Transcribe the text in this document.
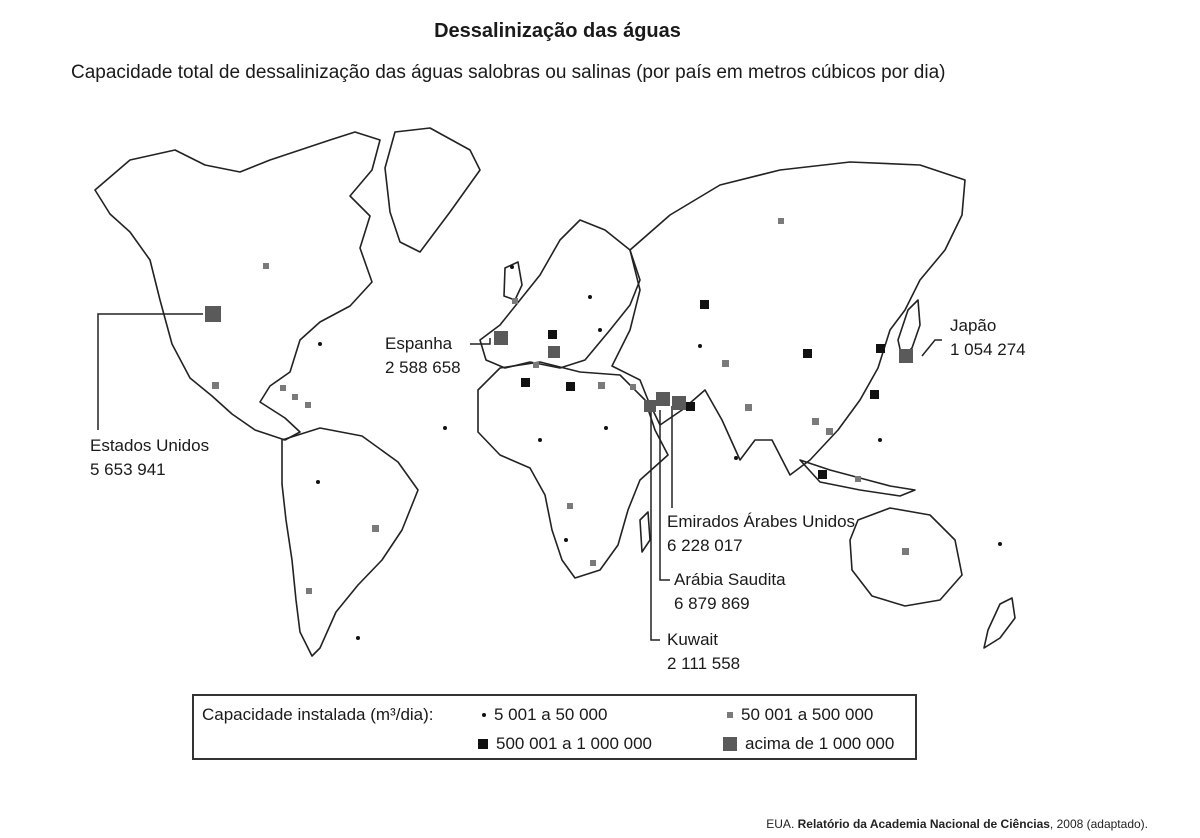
Dessalinização das águas
Capacidade total de dessalinização das águas salobras ou salinas (por país em metros cúbicos por dia)
Estados Unidos
5 653 941
Espanha
2 588 658
Japão
1 054 274
Emirados Árabes Unidos
6 228 017
Arábia Saudita
6 879 869
Kuwait
2 111 558
Capacidade instalada (m³/dia):	5 001 a 50 000	50 001 a 500 000
500 001 a 1 000 000	acima de 1 000 000
EUA. Relatório da Academia Nacional de Ciências, 2008 (adaptado).
